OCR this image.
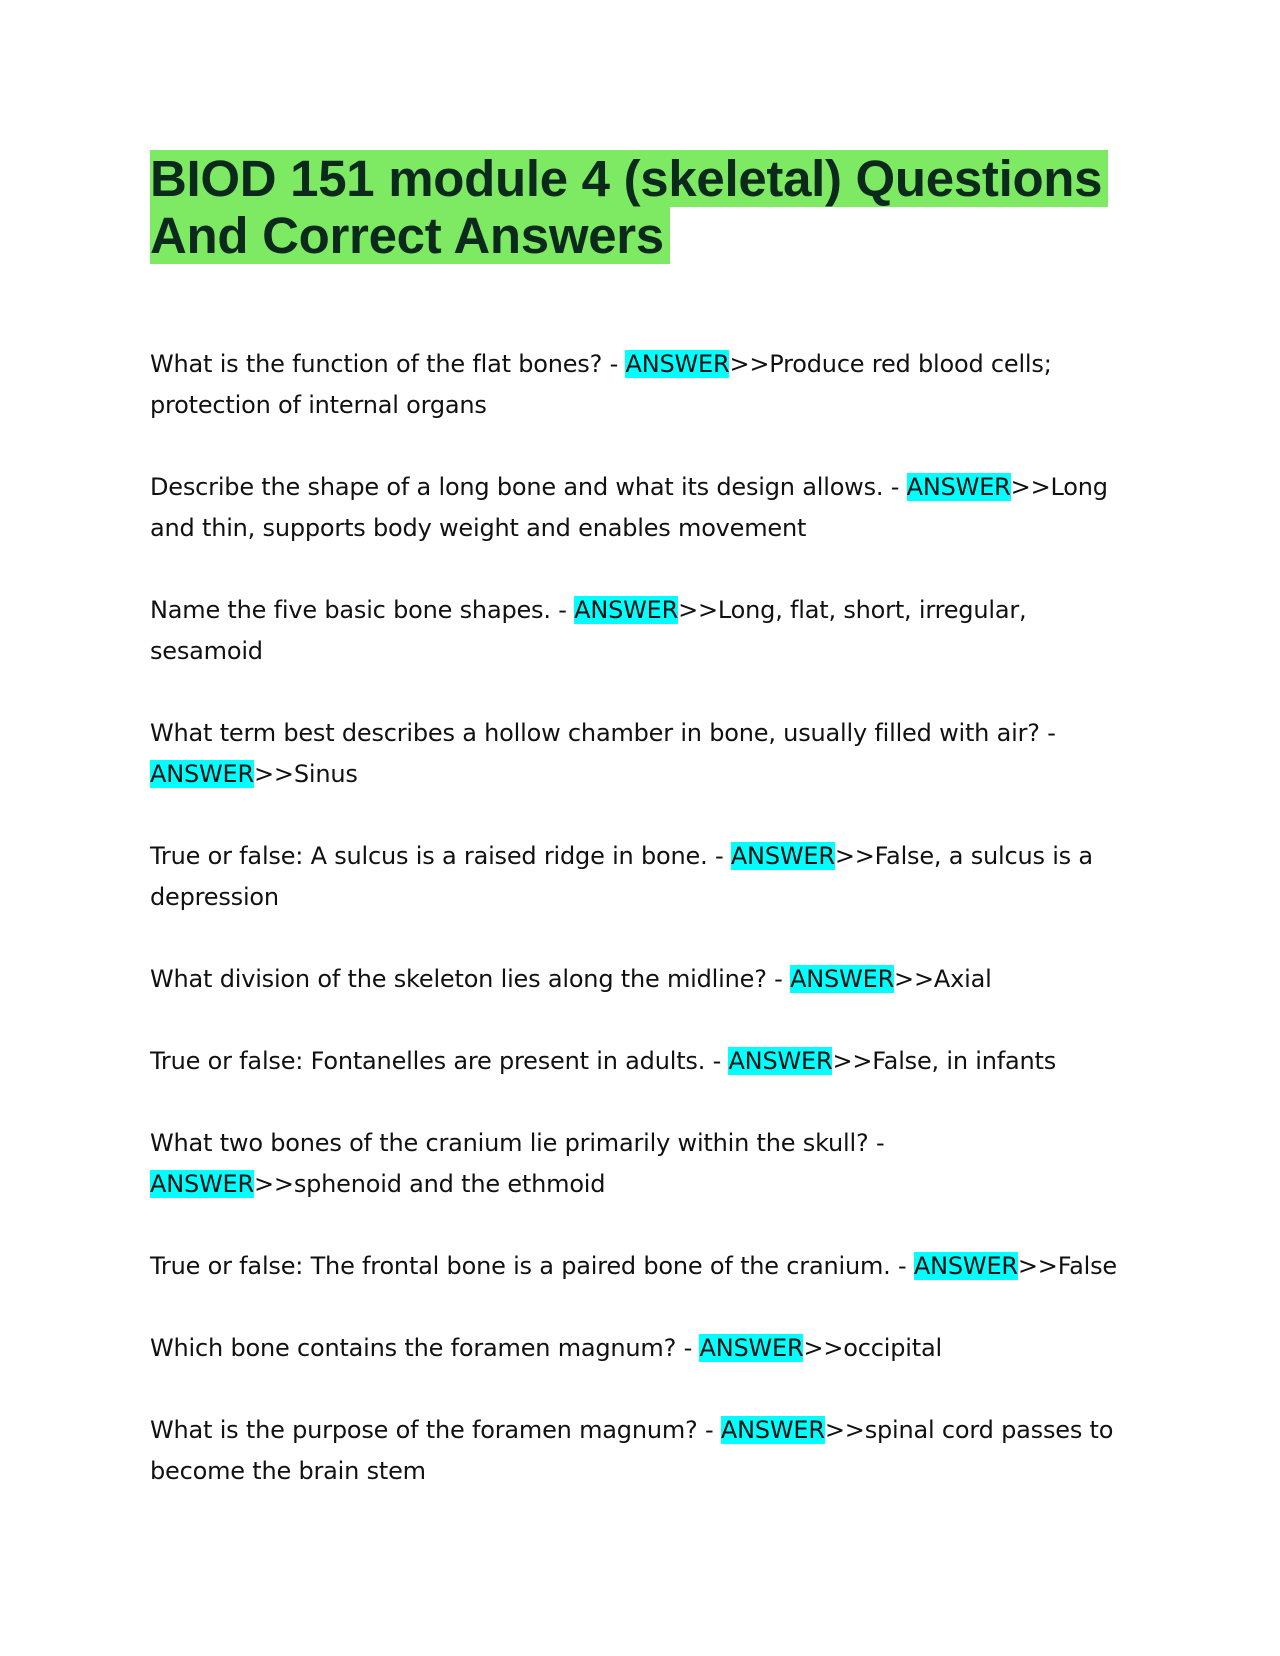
BIOD 151 module 4 (skeletal) Questions And Correct Answers

What is the function of the flat bones? - ANSWER>>Produce red blood cells; protection of internal organs

Describe the shape of a long bone and what its design allows. - ANSWER>>Long and thin, supports body weight and enables movement

Name the five basic bone shapes. - ANSWER>>Long, flat, short, irregular, sesamoid

What term best describes a hollow chamber in bone, usually filled with air? - ANSWER>>Sinus

True or false: A sulcus is a raised ridge in bone. - ANSWER>>False, a sulcus is a depression

What division of the skeleton lies along the midline? - ANSWER>>Axial

True or false: Fontanelles are present in adults. - ANSWER>>False, in infants

What two bones of the cranium lie primarily within the skull? - ANSWER>>sphenoid and the ethmoid

True or false: The frontal bone is a paired bone of the cranium. - ANSWER>>False

Which bone contains the foramen magnum? - ANSWER>>occipital

What is the purpose of the foramen magnum? - ANSWER>>spinal cord passes to become the brain stem
